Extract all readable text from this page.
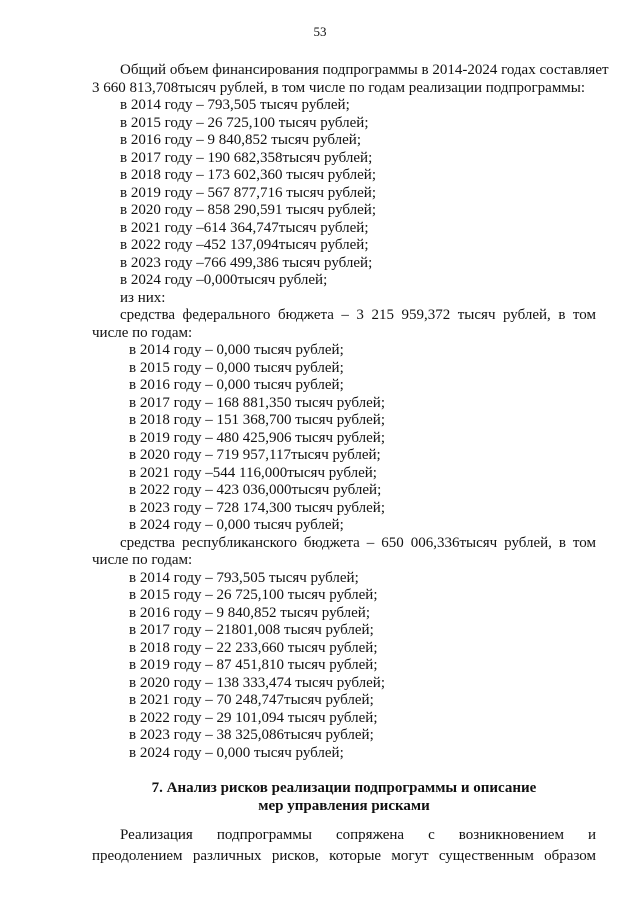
53
Общий объем финансирования подпрограммы в 2014-2024 годах составляет
3 660 813,708тысяч рублей, в том числе по годам реализации подпрограммы:
в 2014 году – 793,505 тысяч рублей;
в 2015 году – 26 725,100 тысяч рублей;
в 2016 году – 9 840,852 тысяч рублей;
в 2017 году – 190 682,358тысяч рублей;
в 2018 году – 173 602,360 тысяч рублей;
в 2019 году – 567 877,716 тысяч рублей;
в 2020 году – 858 290,591 тысяч рублей;
в 2021 году –614 364,747тысяч рублей;
в 2022 году –452 137,094тысяч рублей;
в 2023 году –766 499,386 тысяч рублей;
в 2024 году –0,000тысяч рублей;
из них:
средства федерального бюджета – 3 215 959,372 тысяч рублей, в том
числе по годам:
в 2014 году – 0,000 тысяч рублей;
в 2015 году – 0,000 тысяч рублей;
в 2016 году – 0,000 тысяч рублей;
в 2017 году – 168 881,350 тысяч рублей;
в 2018 году – 151 368,700 тысяч рублей;
в 2019 году – 480 425,906 тысяч рублей;
в 2020 году – 719 957,117тысяч рублей;
в 2021 году –544 116,000тысяч рублей;
в 2022 году – 423 036,000тысяч рублей;
в 2023 году – 728 174,300 тысяч рублей;
в 2024 году – 0,000 тысяч рублей;
средства республиканского бюджета – 650 006,336тысяч рублей, в том
числе по годам:
в 2014 году – 793,505 тысяч рублей;
в 2015 году – 26 725,100 тысяч рублей;
в 2016 году – 9 840,852 тысяч рублей;
в 2017 году – 21801,008 тысяч рублей;
в 2018 году – 22 233,660 тысяч рублей;
в 2019 году – 87 451,810 тысяч рублей;
в 2020 году – 138 333,474 тысяч рублей;
в 2021 году – 70 248,747тысяч рублей;
в 2022 году – 29 101,094 тысяч рублей;
в 2023 году – 38 325,086тысяч рублей;
в 2024 году – 0,000 тысяч рублей;
7. Анализ рисков реализации подпрограммы и описание
мер управления рисками
Реализация подпрограммы сопряжена с возникновением и
преодолением различных рисков, которые могут существенным образом
